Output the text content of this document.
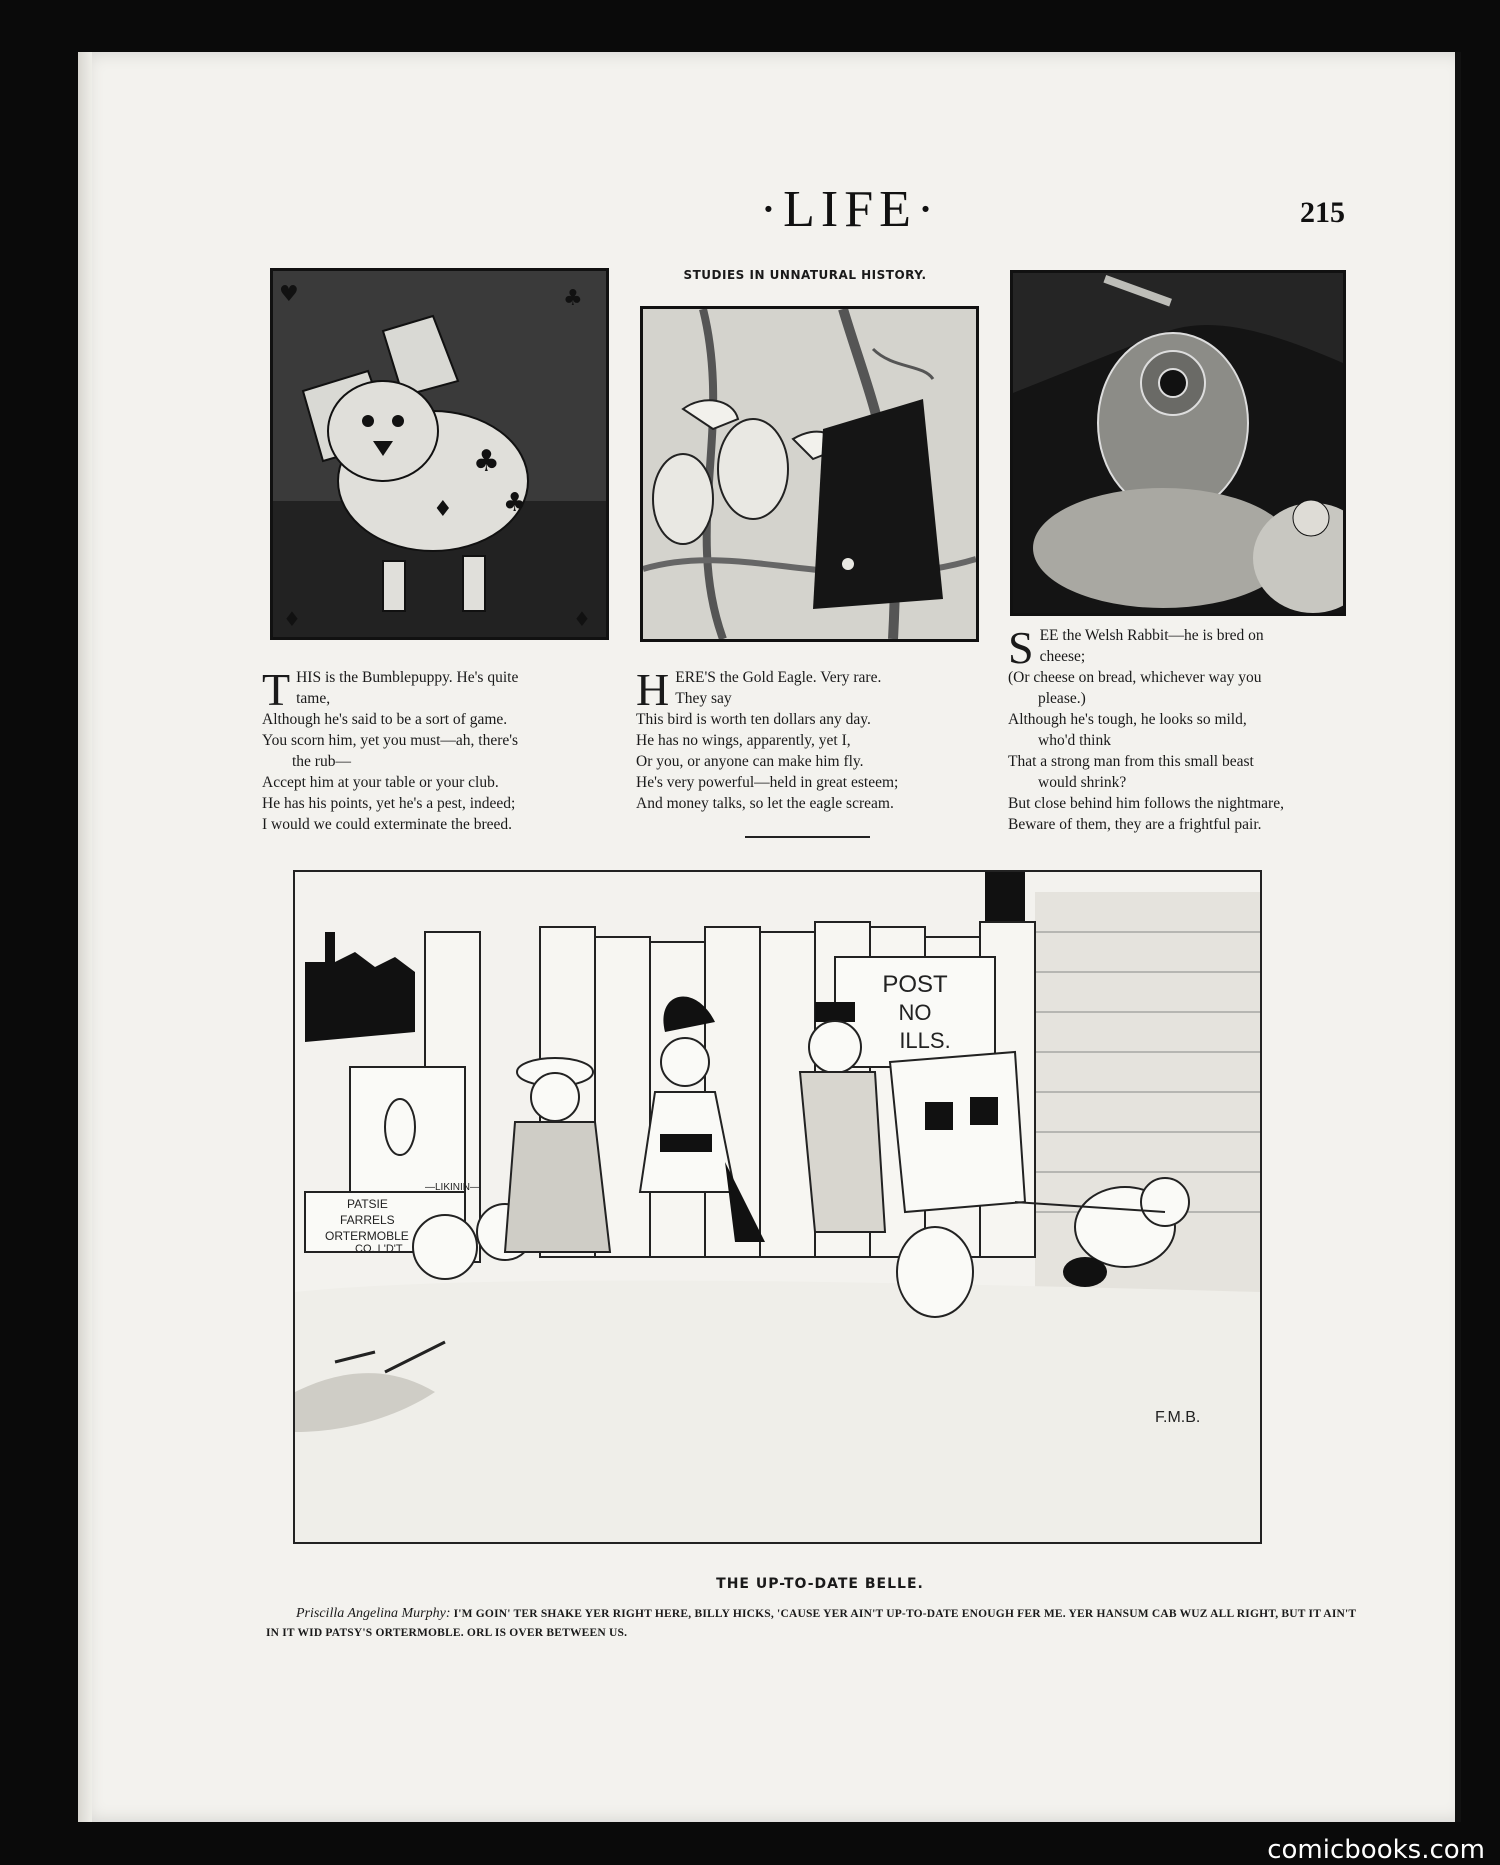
·LIFE·	215
STUDIES IN UNNATURAL HISTORY.
♣
♣
♦
♥	♣
♦	♦
T HIS is the Bumblepuppy. He's quite
tame,
Although he's said to be a sort of game.
You scorn him, yet you must—ah, there's
the rub—
Accept him at your table or your club.
He has his points, yet he's a pest, indeed;
I would we could exterminate the breed.
H ERE'S the Gold Eagle. Very rare.
They say
This bird is worth ten dollars any day.
He has no wings, apparently, yet I,
Or you, or anyone can make him fly.
He's very powerful—held in great esteem;
And money talks, so let the eagle scream.
S EE the Welsh Rabbit—he is bred on
cheese;
(Or cheese on bread, whichever way you
please.)
Although he's tough, he looks so mild,
who'd think
That a strong man from this small beast
would shrink?
But close behind him follows the nightmare,
Beware of them, they are a frightful pair.
POST
NO
ILLS.
PATSIE
FARRELS
ORTERMOBLE
CO. L'D'T
—LIKININ—
F.M.B.
THE UP-TO-DATE BELLE.
Priscilla Angelina Murphy: I'M GOIN' TER SHAKE YER RIGHT HERE, BILLY HICKS, 'CAUSE YER AIN'T UP-TO-DATE ENOUGH FER ME. YER HANSUM CAB WUZ ALL RIGHT, BUT IT AIN'T IN IT WID PATSY'S ORTERMOBLE. ORL IS OVER BETWEEN US.
comicbooks.com
